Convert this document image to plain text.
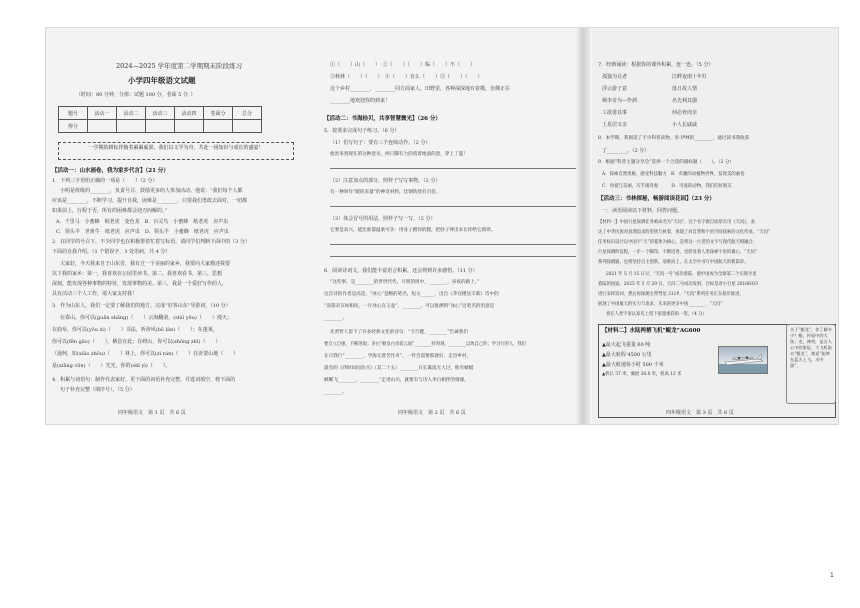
2024—2025 学年度第二学期期末阶段练习
小学四年级语文试题
（时间：80 分钟，分值：试题 100 分，卷面 5 分．）
题号	活动一	活动二	活动三	活动四	卷面分	总分
得分						
一学期的耕耘伴随着累累硕果，我们以文学为舟，共赴一场知识与成长的盛宴！
【活动一：山水画卷，我为家乡代言】（21 分）
1．下列三字语组正确的一项是（　　）（2 分）
小明是班级的________，负责号召、鼓励更多的人参加活动。他说：“我们每个人都
应该是________，不断学习，提升自我，困难是________，只要我们勇敢去面对，一切都
如果前上，行程于否，所有的困难都会迎刃而解的。”
A．千里马　小蜜蜂　纸老虎　变色龙　B．百灵鸟　小蜜蜂　纸老虎　应声虫
C．领头羊　老黄牛　纸老虎　应声虫　D．领头羊　小蜜蜂　纸老虎　应声虫
2．在同学的号召下，不少同学也在积极帮着忙着写标语，请同学们判断下面中的（3 分）
下面的自我介绍。（1 个错误字，3 处语病，共 4 分）
大家好，今天我来自于山东省，我有过一个美丽的家乡，我要向大家描述我要
以下我的家乡：第一，我喜欢在公园里读书。第二，我喜欢看书，第三，思想
深刻，能发现各种事物的特征，发现事物的美。第三，我是一个爱好写作的人，
具有活动三个人工作，请大家支持我！
3．作为山东人，我们一定要了解我们的地方，完成“好客山东”导游词。（10 分）
在泰山，你可以(guān shǎng)（　　）云海翻滚，(shū yōu)（　　）漫天；
在曲阜，你可以(yōu zì)（　　）书法，听涛风(bō lán)（　　）；在蓬莱，
你可以(fēn gāo)（　　），栖息在此；在崂山，你可以(zhōng zhī)（　　）
（通柯，如(xiāo zhōu)（　　）林上，你可以(zì rán)（　　）在沂蒙山地（　　）
是(xiāng cūn)（　　）光光，你的(shī yì)（　　）。
4．积累与词语句：制作代表家好，更下面的词语补充完整，并选词填空，将下面的
句子补充完整（填序号）。（5 分）
四年级语文　第 1 页　共 6 页
①（　　）山（　　）　②（　　）（　　）临（　　）不（　　）
③秋林（　　）（　　）　④（　　）有么（　　）⑤（　　）（　　）
这个乡村________，________同方面家人，田野里，各种深深地有着模，仿佛正在
________地欢迎你的到来！
【活动二：书海拾贝，共享智慧微光】（26 分）
5．按要求完成句子练习。（6 分）
（1）仿写句子：要有三个连续动作。（2 分）
他害来到现在的这种意见，两只脚有力的绕着地面的意，穿上了篮！
（2）注意加点的部分，照样子写写事物。（2 分）
有一种叫作“暖的来量”的神奇材料，比钢铁绕有百倍。
（3）体会冒号的用法，照样子写一写。（2 分）
它要是高兴，能比谁都温柔可亲：用身子蹭你的腿，把脖子伸出来让你给它抓痒。
6．阅读诗词文，我们能丰富语言积累，还会得到许多感悟。（11 分）
“这些事，是________的世世代代，月明的周中，________，昼夜的路上，”
这首诗的作者是高适，“冰心”是她的笔名，短文______，出自《茅宫楼送辛渐》诗中的
“洛阳亲友如相问，一片冰心在玉壶”，________，可以推测到“冰心”这笔名的用意是
________。
先贤哲人留下了许多经典文化的诗句：“天行健，________”告诫我们
要自立自强，不断进取；李白“朝发白帝彩云间”________时时刻，________以致自己的；学习行的人，我们
在尽我行“________，学海无涯苦作舟”，一件会需要那就好，走进乡村，
就有的《四时田园杂兴》（其二十五）________日长篱落无人过，惟有蜻蜓
蛱蝶飞________，________”走进山川，就要有与诗人李白相伴的情愫，
________。
四年级语文　第 2 页　共 6 页
7．经典诵读：根据你的课外积累，连一连。（5 分）
孤独为兄者　　　　　　　　　江畔夜雨十年灯
浮云游子意　　　　　　　　　落日故人情
频李奇为—作酒　　　　　　　名先利其器
工欲善其事　　　　　　　　　何必骨肉亲
上星居义亲　　　　　　　　　小人长戚戚
8．本学期，我阅读了不少科普读物，米·伊林的________，通过读书我收获
了________。（2 分）
9．根据“科普主题分享会”选择一个合适的副标题（　　）。（2 分）
A．探索自然奥秘，感受科技魅力　B．有趣的动植物世界，发现美的画卷
C．珍爱与美丽，巧手遇奇观　　　D．可爱的动物，我们的好朋友
【活动三：书林探秘，畅游阅读花园】（23 分）
一．读语阅读以下材料，回答问题。
【材料一】中国行星探测任务被命名为“天问”，这个名字源自屈原长诗《天问》，表
达了中华民族对真理追求的坚韧与执着，体现了对自然和宇宙空间探索的文化传承，“天问”
任务标识设计以中国字“天”的篆体为核心，是将这一古老的文字与现代航天相融合，
行星探测的征程，一步一个脚印，不断迈进，也彰显着人类探索宇宙的雄心。“天问”
系列探测器，也将坚持自主创新、迎难而上，在太空中书写中国航天的新篇章。
2021 年 5 月 15 日早，“天问一号”成功着陆，使中国成为全球第二个实现火星
着陆的国家。2025 年 5 月 29 日，天问二号成功发射，目标是对小行星 2016HO3
进行采样返回，然后再探测主带彗星 311P，“天问”系列任务正在稳步推进，
展现了中国航天的实力与追求，未来的更多中国________，“天问”
将在人类宇宙认知史上留下浓墨重彩的一笔。（4 分）
【材料二】水陆两栖飞机“鲲龙”AG600
▲最大起飞重量 60 吨
▲最大航程 4500 公里
▲最大航速每小时 500 千米
▲机长 37 米，翼展 38.8 米，机高 12 米
关于“鲲龙”，你了解多少？鲲，传说中的大鱼；龙，神兽，是古人心中的象征，大飞机取名“鲲龙”，寓意“能够在蓝天上飞，水中游”。
四年级语文　第 3 页　共 6 页
1
